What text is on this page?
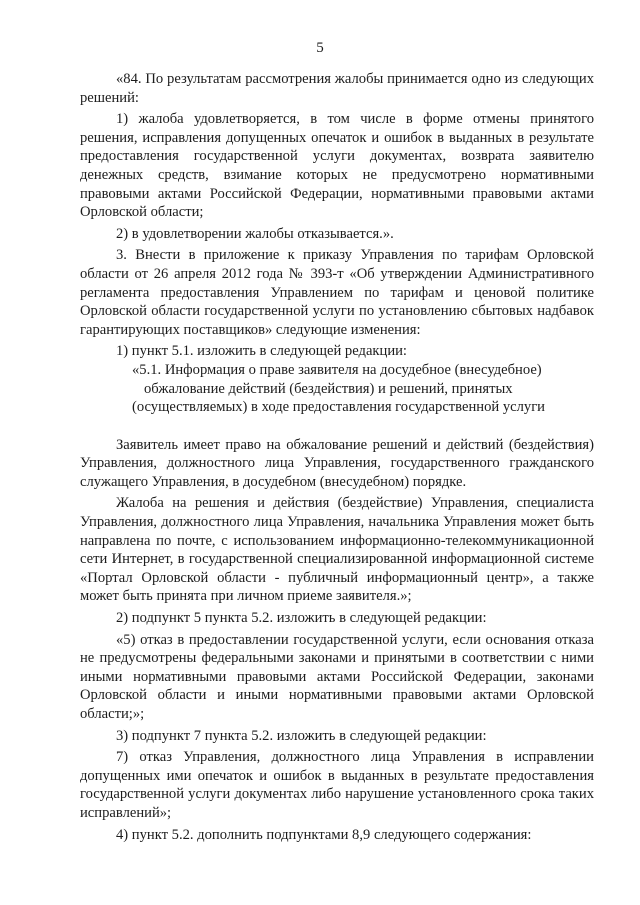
5

«84. По результатам рассмотрения жалобы принимается одно из следующих решений:

1) жалоба удовлетворяется, в том числе в форме отмены принятого решения, исправления допущенных опечаток и ошибок в выданных в результате предоставления государственной услуги документах, возврата заявителю денежных средств, взимание которых не предусмотрено нормативными правовыми актами Российской Федерации, нормативными правовыми актами Орловской области;

2) в удовлетворении жалобы отказывается.».

3. Внести в приложение к приказу Управления по тарифам Орловской области от 26 апреля 2012 года № 393-т «Об утверждении Административного регламента предоставления Управлением по тарифам и ценовой политике Орловской области государственной услуги по установлению сбытовых надбавок гарантирующих поставщиков» следующие изменения:

1) пункт 5.1. изложить в следующей редакции:

«5.1. Информация о праве заявителя на досудебное (внесудебное)
обжалование действий (бездействия) и решений, принятых
(осуществляемых) в ходе предоставления государственной услуги

Заявитель имеет право на обжалование решений и действий (бездействия) Управления, должностного лица Управления, государственного гражданского служащего Управления, в досудебном (внесудебном) порядке.

Жалоба на решения и действия (бездействие) Управления, специалиста Управления, должностного лица Управления, начальника Управления может быть направлена по почте, с использованием информационно-телекоммуникационной сети Интернет, в государственной специализированной информационной системе «Портал Орловской области - публичный информационный центр», а также может быть принята при личном приеме заявителя.»;

2) подпункт 5 пункта 5.2. изложить в следующей редакции:

«5) отказ в предоставлении государственной услуги, если основания отказа не предусмотрены федеральными законами и принятыми в соответствии с ними иными нормативными правовыми актами Российской Федерации, законами Орловской области и иными нормативными правовыми актами Орловской области;»;

3) подпункт 7 пункта 5.2. изложить в следующей редакции:

7) отказ Управления, должностного лица Управления в исправлении допущенных ими опечаток и ошибок в выданных в результате предоставления государственной услуги документах либо нарушение установленного срока таких исправлений»;

4) пункт 5.2. дополнить подпунктами 8,9 следующего содержания:
